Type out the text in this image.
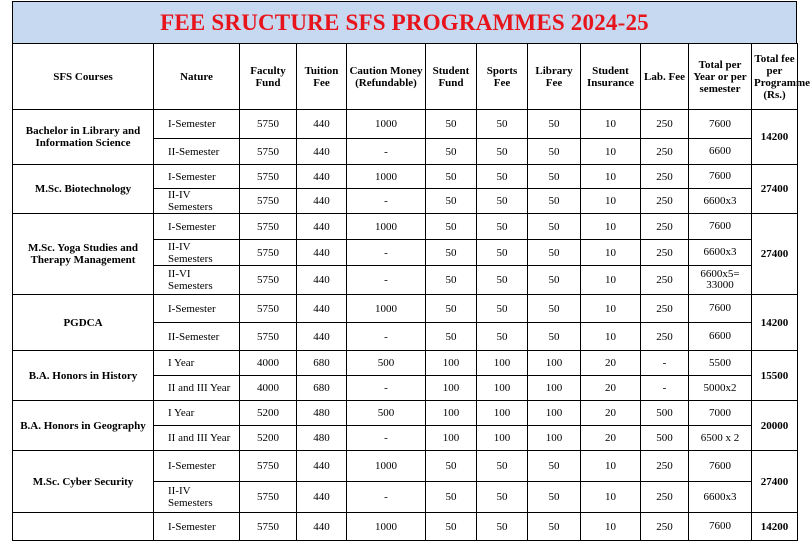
FEE SRUCTURE SFS PROGRAMMES 2024-25
SFS Courses	Nature	Faculty Fund	Tuition Fee	Caution Money (Refundable)	Student Fund	Sports Fee	Library Fee	Student Insurance	Lab. Fee	Total per Year or per semester	Total fee per Programme (Rs.)
Bachelor in Library and Information Science	I-Semester	5750	440	1000	50	50	50	10	250	7600	14200
	II-Semester	5750	440	-	50	50	50	10	250	6600	
M.Sc. Biotechnology	I-Semester	5750	440	1000	50	50	50	10	250	7600	27400
	II-IV Semesters	5750	440	-	50	50	50	10	250	6600x3	
M.Sc. Yoga Studies and Therapy Management	I-Semester	5750	440	1000	50	50	50	10	250	7600	27400
	II-IV Semesters	5750	440	-	50	50	50	10	250	6600x3	
	II-VI Semesters	5750	440	-	50	50	50	10	250	6600x5= 33000	
PGDCA	I-Semester	5750	440	1000	50	50	50	10	250	7600	14200
	II-Semester	5750	440	-	50	50	50	10	250	6600	
B.A. Honors in History	I Year	4000	680	500	100	100	100	20	-	5500	15500
	II and III Year	4000	680	-	100	100	100	20	-	5000x2	
B.A. Honors in Geography	I Year	5200	480	500	100	100	100	20	500	7000	20000
	II and III Year	5200	480	-	100	100	100	20	500	6500 x 2	
M.Sc. Cyber Security	I-Semester	5750	440	1000	50	50	50	10	250	7600	27400
	II-IV Semesters	5750	440	-	50	50	50	10	250	6600x3	
	I-Semester	5750	440	1000	50	50	50	10	250	7600	14200
